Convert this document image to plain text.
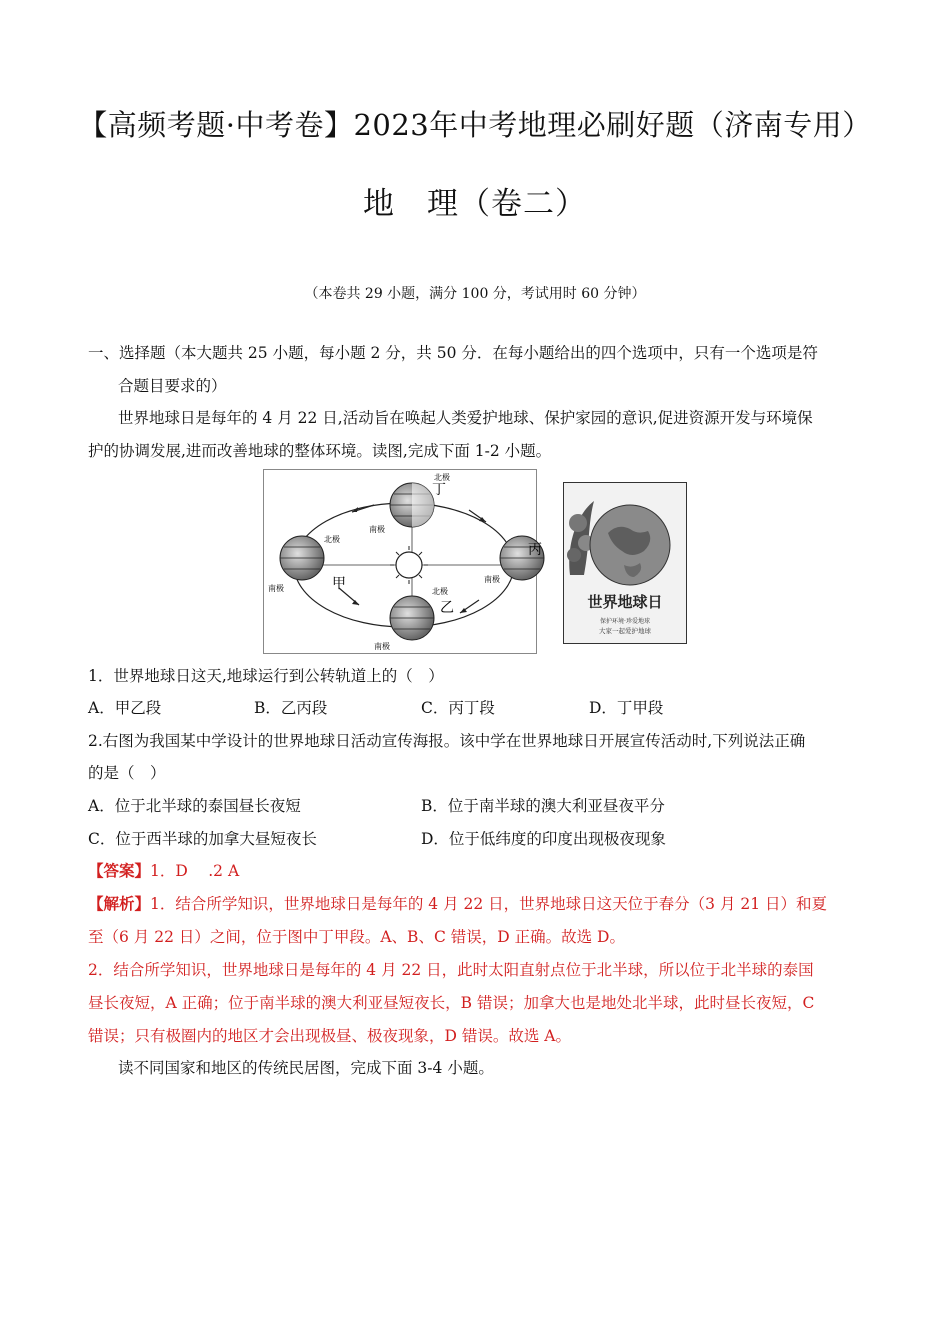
【高频考题·中考卷】2023年中考地理必刷好题（济南专用）
地　理（卷二）
（本卷共 29 小题，满分 100 分，考试用时 60 分钟）
一、选择题（本大题共 25 小题，每小题 2 分，共 50 分．在每小题给出的四个选项中，只有一个选项是符
合题目要求的）
世界地球日是每年的 4 月 22 日,活动旨在唤起人类爱护地球、保护家园的意识,促进资源开发与环境保
护的协调发展,进而改善地球的整体环境。读图,完成下面 1-2 小题。
丁
丙
甲
乙
北极
南极
北极
南极
南极
北极
南极
世界地球日
保护环境·珍爱地球
大家一起爱护地球
1．世界地球日这天,地球运行到公转轨道上的（　）
A．甲乙段	B．乙丙段	C．丙丁段	D．丁甲段
2.右图为我国某中学设计的世界地球日活动宣传海报。该中学在世界地球日开展宣传活动时,下列说法正确
的是（　）
A．位于北半球的泰国昼长夜短	B．位于南半球的澳大利亚昼夜平分
C．位于西半球的加拿大昼短夜长	D．位于低纬度的印度出现极夜现象
【答案】1．D　 .2 A
【解析】1．结合所学知识，世界地球日是每年的 4 月 22 日，世界地球日这天位于春分（3 月 21 日）和夏
至（6 月 22 日）之间，位于图中丁甲段。A、B、C 错误，D 正确。故选 D。
2．结合所学知识，世界地球日是每年的 4 月 22 日，此时太阳直射点位于北半球，所以位于北半球的泰国
昼长夜短，A 正确；位于南半球的澳大利亚昼短夜长，B 错误；加拿大也是地处北半球，此时昼长夜短，C
错误；只有极圈内的地区才会出现极昼、极夜现象，D 错误。故选 A。
读不同国家和地区的传统民居图，完成下面 3-4 小题。
